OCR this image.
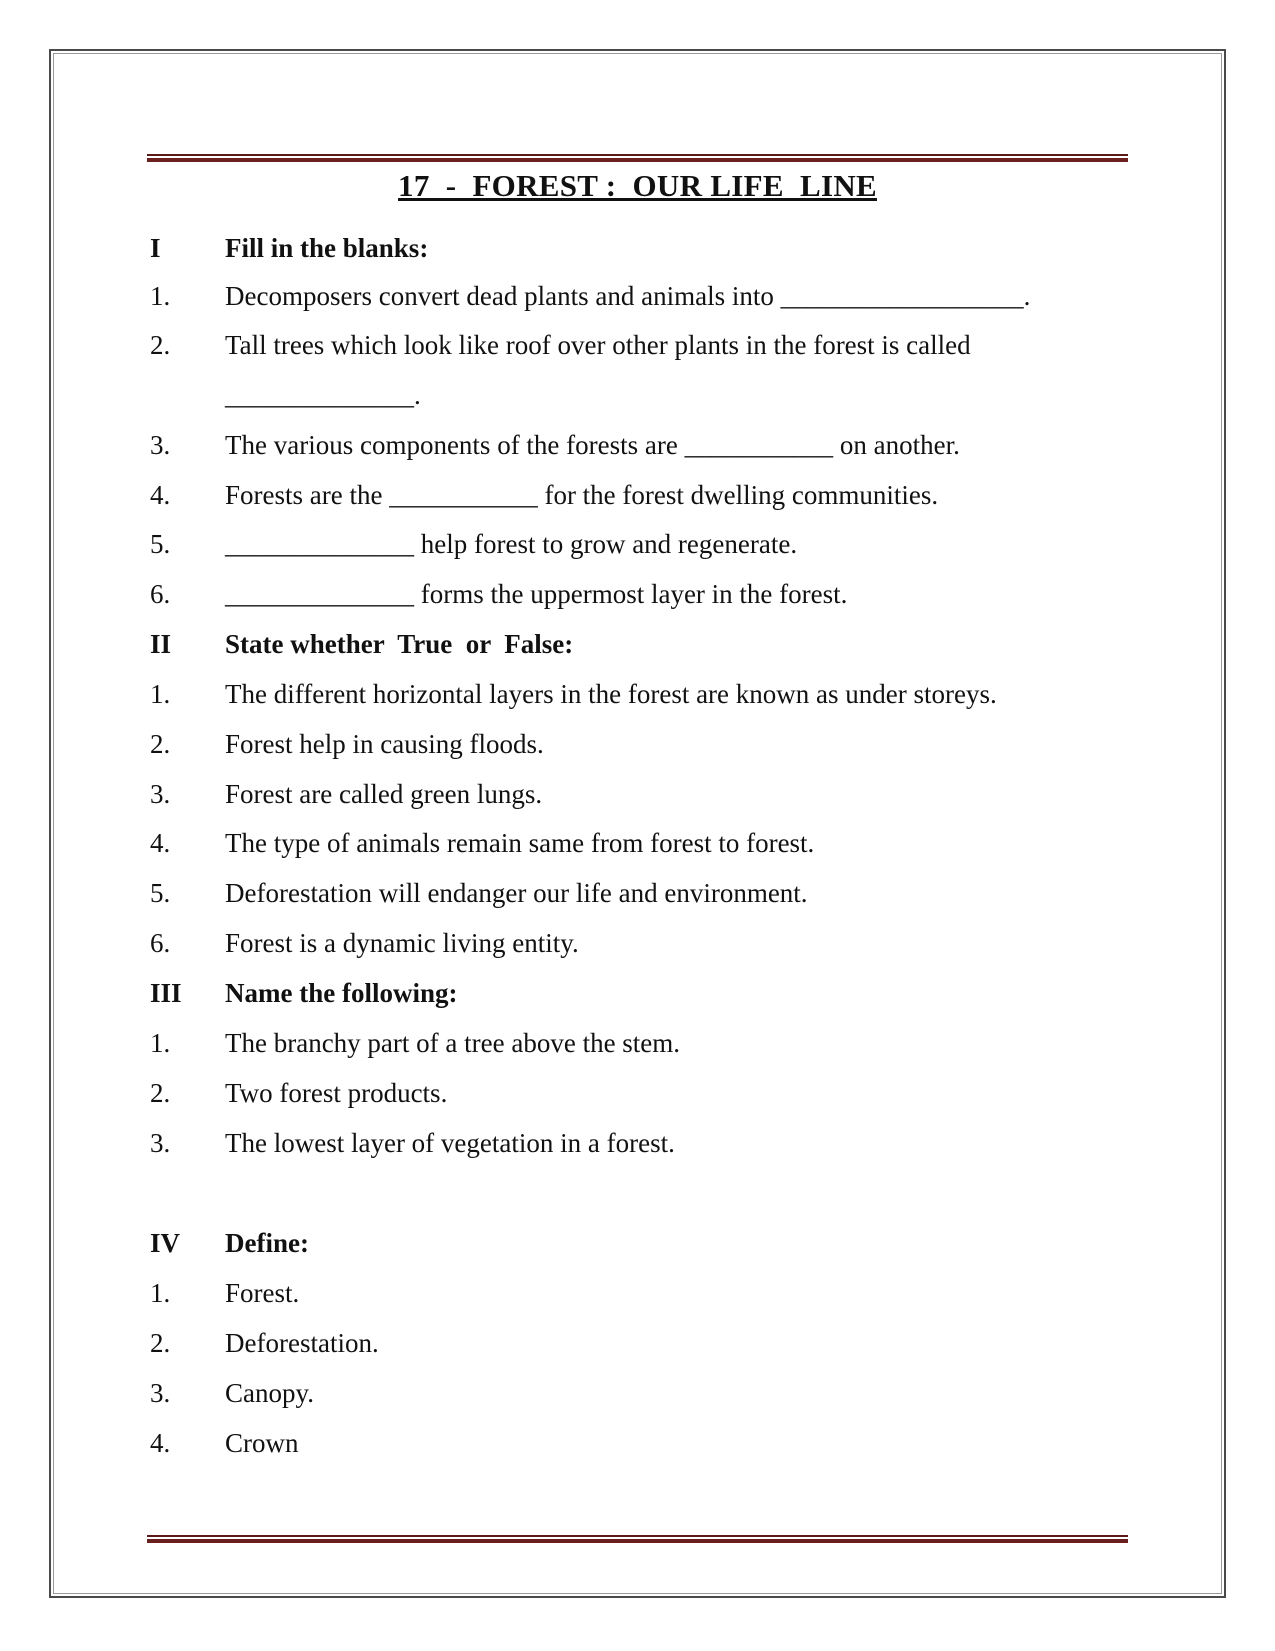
17  -  FOREST :  OUR LIFE  LINE

I

	Fill in the blanks:

1.

	Decomposers convert dead plants and animals into __________________.

2.

	Tall trees which look like roof over other plants in the forest is called

______________.

3.

	The various components of the forests are ___________ on another.

4.

	Forests are the ___________ for the forest dwelling communities.

5.

	______________ help forest to grow and regenerate.

6.

	______________ forms the uppermost layer in the forest.

II

	State whether  True  or  False:

1.

	The different horizontal layers in the forest are known as under storeys.

2.

	Forest help in causing floods.

3.

	Forest are called green lungs.

4.

	The type of animals remain same from forest to forest.

5.

	Deforestation will endanger our life and environment.

6.

	Forest is a dynamic living entity.

III

	Name the following:

1.

	The branchy part of a tree above the stem.

2.

	Two forest products.

3.

	The lowest layer of vegetation in a forest.

IV

	Define:

1.

	Forest.

2.

	Deforestation.

3.

	Canopy.

4.

	Crown
